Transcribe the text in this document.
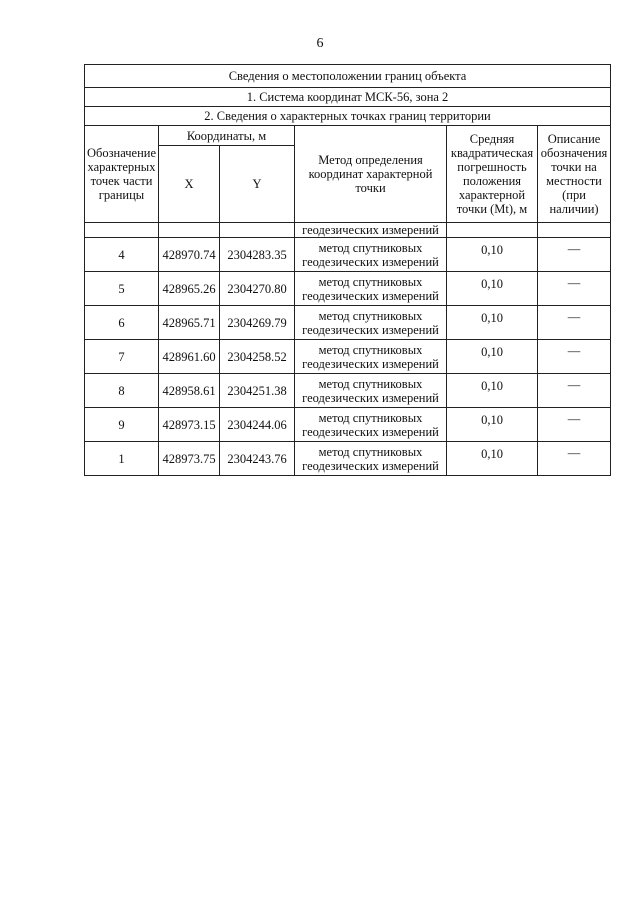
6
Сведения о местоположении границ объекта					
1. Система координат МСК-56, зона 2					
2. Сведения о характерных точках границ территории					
Обозначение характерных точек части границы	Координаты, м		Метод определения координат характерной точки	Средняя квадратическая погрешность положения характерной точки (Mt), м	Описание обозначения точки на местности (при наличии)
	X	Y			
			геодезических измерений		
4	428970.74	2304283.35	метод спутниковых
геодезических измерений	0,10	—
5	428965.26	2304270.80	метод спутниковых
геодезических измерений	0,10	—
6	428965.71	2304269.79	метод спутниковых
геодезических измерений	0,10	—
7	428961.60	2304258.52	метод спутниковых
геодезических измерений	0,10	—
8	428958.61	2304251.38	метод спутниковых
геодезических измерений	0,10	—
9	428973.15	2304244.06	метод спутниковых
геодезических измерений	0,10	—
1	428973.75	2304243.76	метод спутниковых
геодезических измерений	0,10	—
